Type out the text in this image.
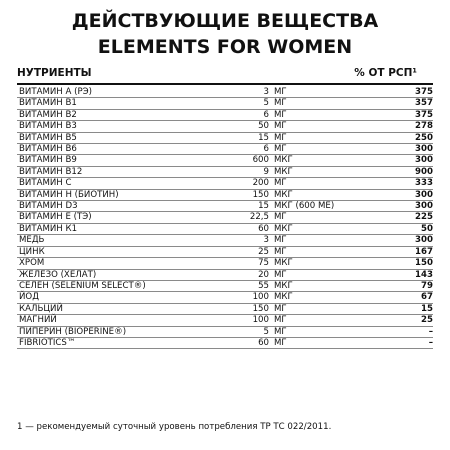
ДЕЙСТВУЮЩИЕ ВЕЩЕСТВА
ELEMENTS FOR WOMEN
НУТРИЕНТЫ	% ОТ РСП¹
ВИТАМИН А (РЭ)	3 МГ	375
ВИТАМИН В1	5 МГ	357
ВИТАМИН В2	6 МГ	375
ВИТАМИН В3	50 МГ	278
ВИТАМИН В5	15 МГ	250
ВИТАМИН В6	6 МГ	300
ВИТАМИН В9	600 МКГ	300
ВИТАМИН В12	9 МКГ	900
ВИТАМИН С	200 МГ	333
ВИТАМИН Н (БИОТИН)	150 МКГ	300
ВИТАМИН D3	15 МКГ (600 МЕ)	300
ВИТАМИН Е (ТЭ)	22,5 МГ	225
ВИТАМИН К1	60 МКГ	50
МЕДЬ	3 МГ	300
ЦИНК	25 МГ	167
ХРОМ	75 МКГ	150
ЖЕЛЕЗО (ХЕЛАТ)	20 МГ	143
СЕЛЕН (SELENIUM SELECT®)	55 МКГ	79
ЙОД	100 МКГ	67
КАЛЬЦИЙ	150 МГ	15
МАГНИЙ	100 МГ	25
ПИПЕРИН (BIOPERINE®)	5 МГ	–
FIBRIOTICS™	60 МГ	–
1 — рекомендуемый суточный уровень потребления ТР ТС 022/2011.
